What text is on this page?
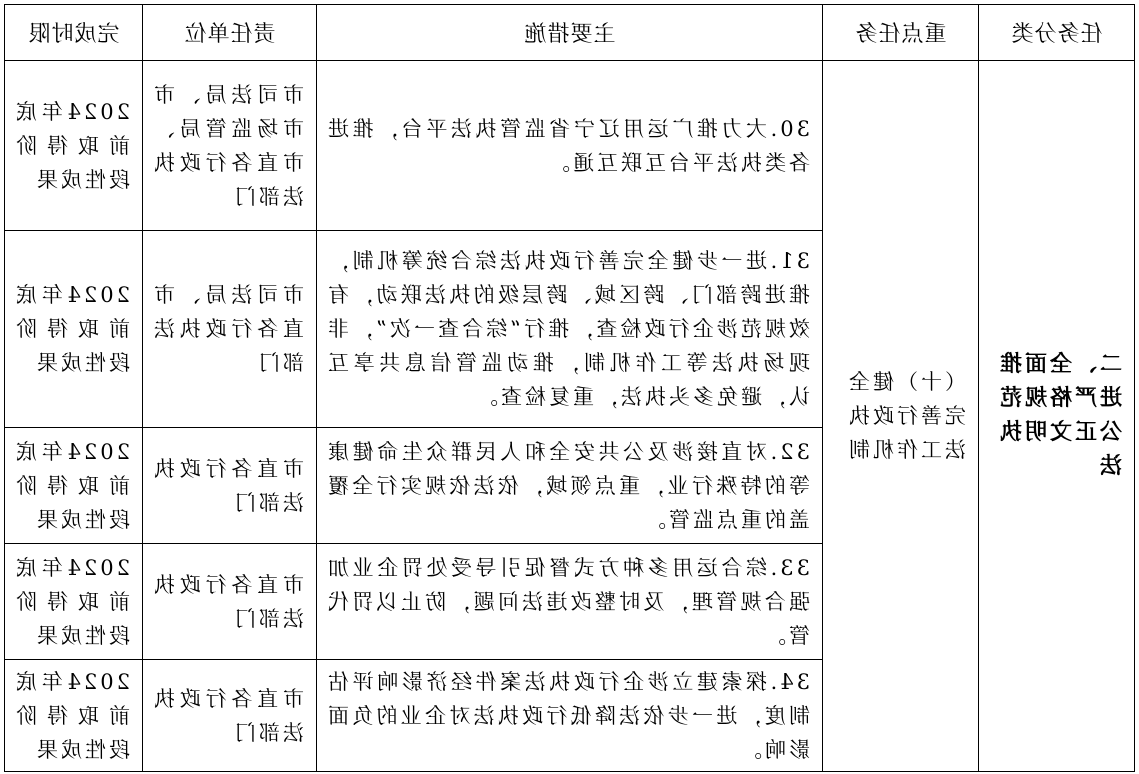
任务分类	重点任务	主要措施	责任单位	完成时限

二、全面推进严格规范公正文明执法	（十）健全完善行政执法工作机制	30.大力推广运用辽宁省监管执法平台，推进各类执法平台互联互通。	市司法局、市市场监管局、市直各行政执法部门	2024年底前取得阶段性成果

		31.进一步健全完善行政执法综合统筹机制，推进跨部门、跨区域、跨层级的执法联动，有效规范涉企行政检查，推行“综合查一次”，非现场执法等工作机制，推动监管信息共享互认，避免多头执法，重复检查。	市司法局、市直各行政执法部门	2024年底前取得阶段性成果

		32.对直接涉及公共安全和人民群众生命健康等的特殊行业，重点领域，依法依规实行全覆盖的重点监管。	市直各行政执法部门	2024年底前取得阶段性成果

		33.综合运用多种方式督促引导受处罚企业加强合规管理，及时整改违法问题，防止以罚代管。	市直各行政执法部门	2024年底前取得阶段性成果

		34.探索建立涉企行政执法案件经济影响评估制度，进一步依法降低行政执法对企业的负面影响。	市直各行政执法部门	2024年底前取得阶段性成果
